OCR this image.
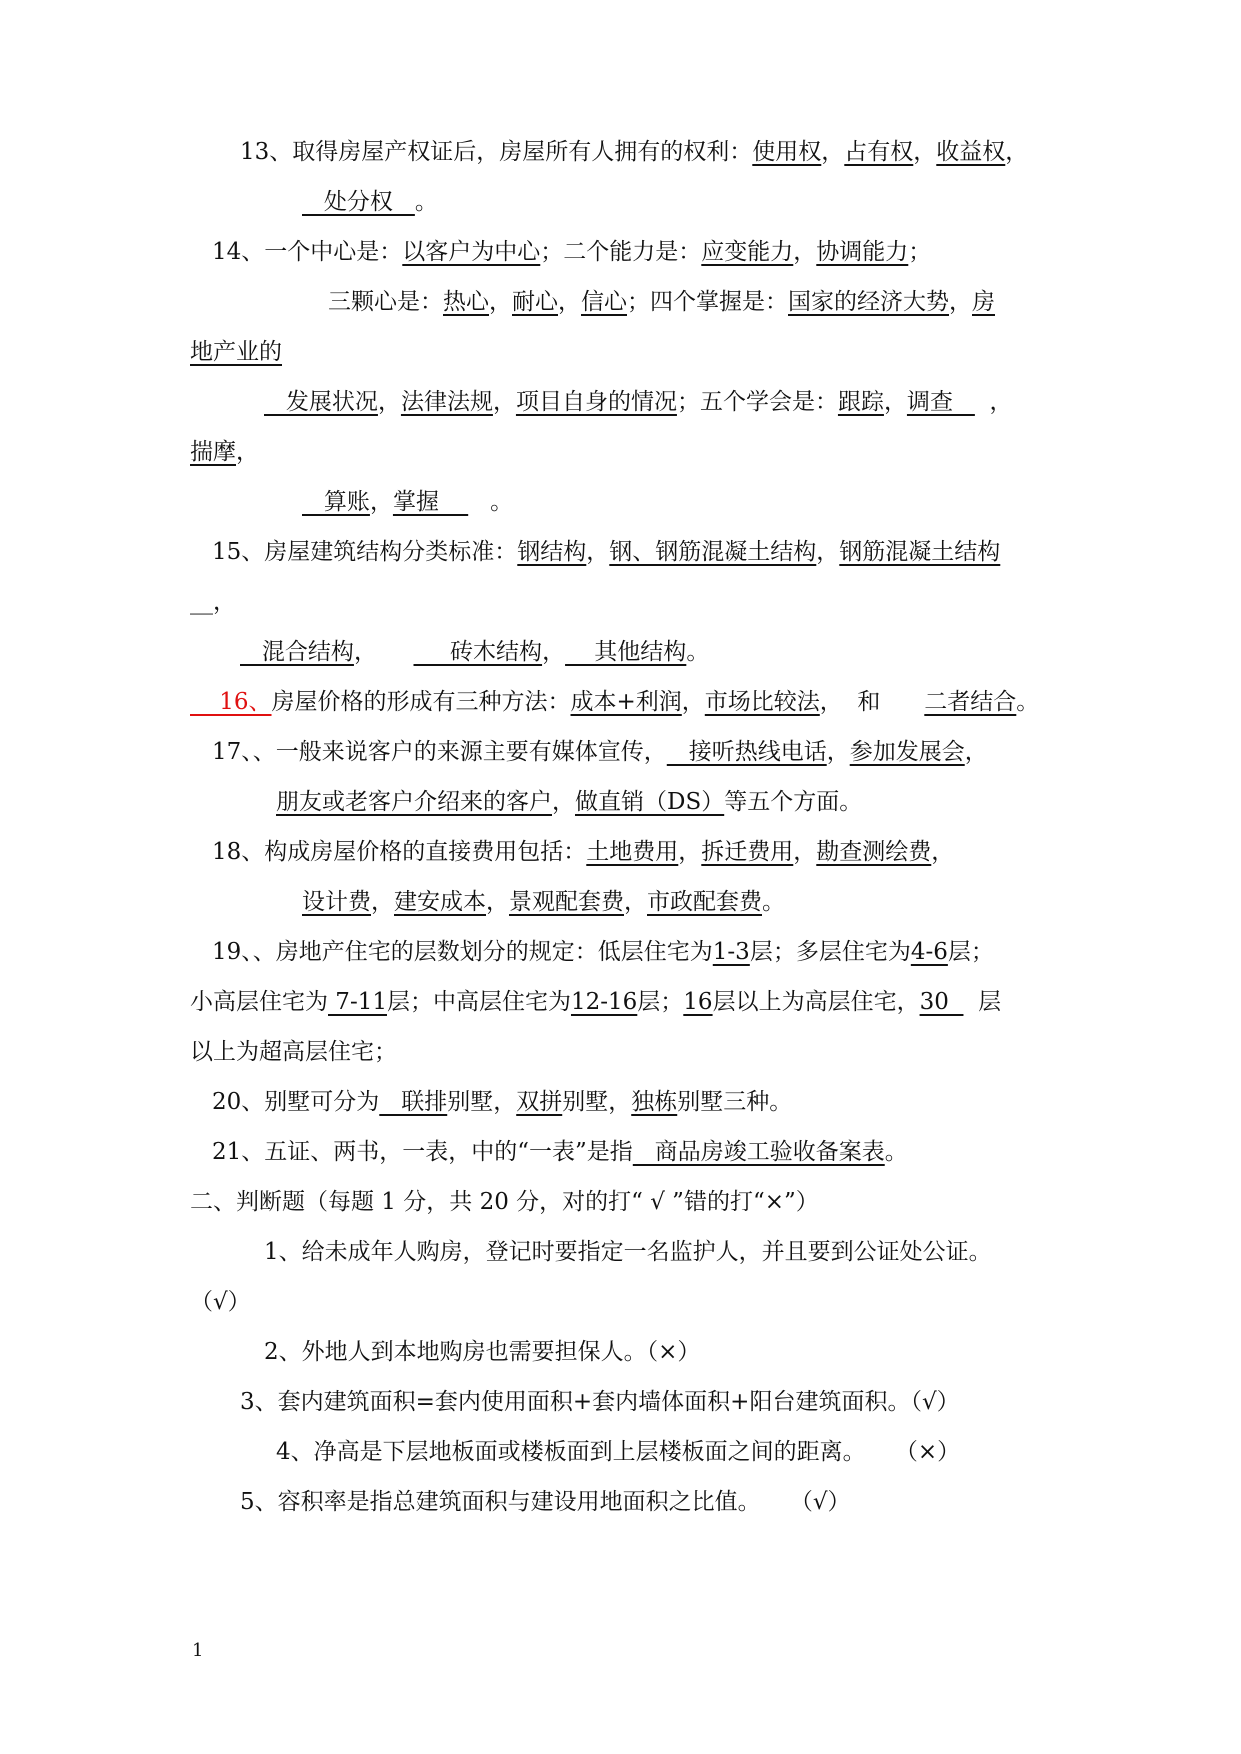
13、取得房屋产权证后，房屋所有人拥有的权利：使用权，占有权，收益权，
处分权   。
14、一个中心是：以客户为中心；二个能力是：应变能力，协调能力；
三颗心是：热心，耐心，信心；四个掌握是：国家的经济大势，房
地产业的
发展状况，法律法规，项目自身的情况；五个学会是：跟踪，调查     ，
揣摩，
算账，掌握       。
15、房屋建筑结构分类标准：钢结构，钢、钢筋混凝土结构，钢筋混凝土结构
__，
混合结构，          砖木结构，    其他结构。
16、房屋价格的形成有三种方法：成本+利润，市场比较法，  和      二者结合。
17、、一般来说客户的来源主要有媒体宣传，   接听热线电话，参加发展会，
朋友或老客户介绍来的客户，做直销（DS）等五个方面。
18、构成房屋价格的直接费用包括：土地费用，拆迁费用，勘查测绘费，
设计费，建安成本，景观配套费，市政配套费。
19、、房地产住宅的层数划分的规定：低层住宅为1-3层；多层住宅为4-6层；
小高层住宅为 7-11层；中高层住宅为12-16层；16层以上为高层住宅，30    层
以上为超高层住宅；
20、别墅可分为   联排别墅，双拼别墅，独栋别墅三种。
21、五证、两书，一表，中的“一表”是指   商品房竣工验收备案表。
二、判断题（每题 1 分，共 20 分，对的打“ √ ”错的打“×”）
1、给未成年人购房，登记时要指定一名监护人，并且要到公证处公证。
（√）
2、外地人到本地购房也需要担保人。（×）
3、套内建筑面积=套内使用面积+套内墙体面积+阳台建筑面积。（√）
4、净高是下层地板面或楼板面到上层楼板面之间的距离。    （×）
5、容积率是指总建筑面积与建设用地面积之比值。    （√）
1
